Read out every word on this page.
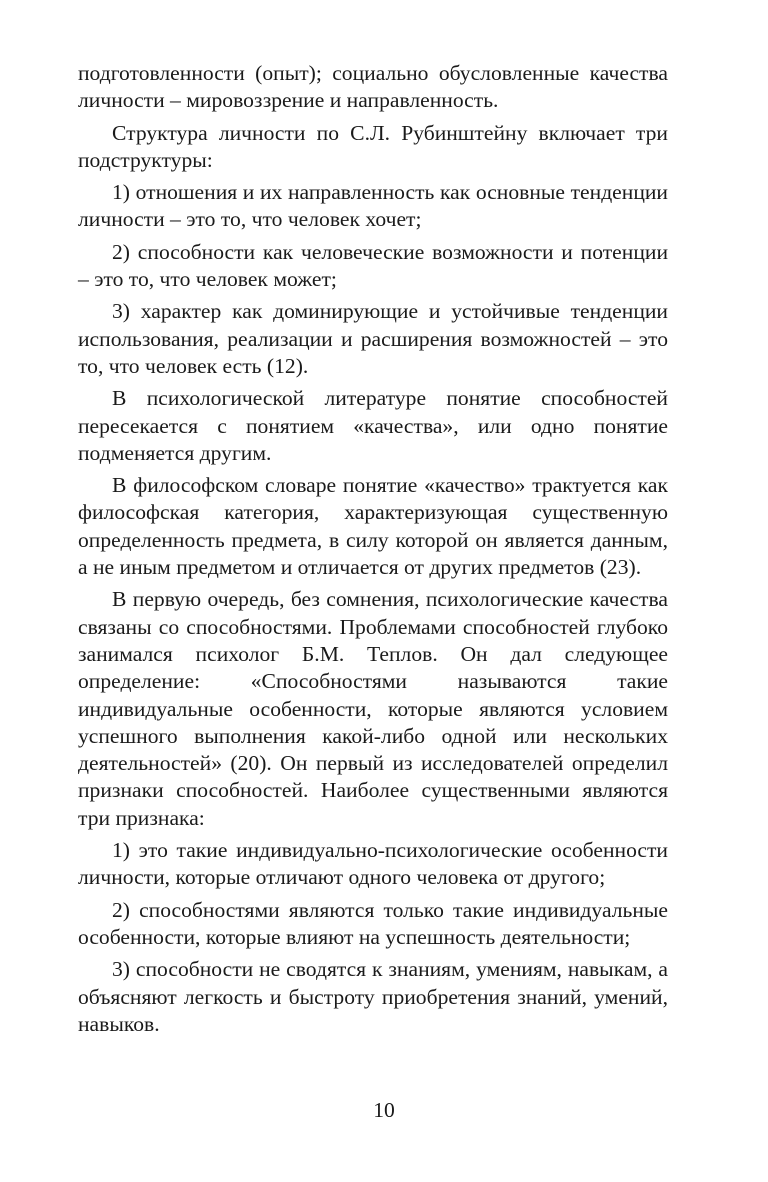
подготовленности (опыт); социально обусловленные качества личности – мировоззрение и направленность.

Структура личности по С.Л. Рубинштейну включает три подструктуры:

1) отношения и их направленность как основные тенденции личности – это то, что человек хочет;

2) способности как человеческие возможности и потенции – это то, что человек может;

3) характер как доминирующие и устойчивые тенденции использования, реализации и расширения возможностей – это то, что человек есть (12).

В психологической литературе понятие способностей пересекается с понятием «качества», или одно понятие подменяется другим.

В философском словаре понятие «качество» трактуется как философская категория, характеризующая существенную определенность предмета, в силу которой он является данным, а не иным предметом и отличается от других предметов (23).

В первую очередь, без сомнения, психологические качества связаны со способностями. Проблемами способностей глубоко занимался психолог Б.М. Теплов. Он дал следующее определение: «Способностями называются такие индивидуальные особенности, которые являются условием успешного выполнения какой-либо одной или нескольких деятельностей» (20). Он первый из исследователей определил признаки способностей. Наиболее существенными являются три признака:

1) это такие индивидуально-психологические особенности личности, которые отличают одного человека от другого;

2) способностями являются только такие индивидуальные особенности, которые влияют на успешность деятельности;

3) способности не сводятся к знаниям, умениям, навыкам, а объясняют легкость и быстроту приобретения знаний, умений, навыков.

10
